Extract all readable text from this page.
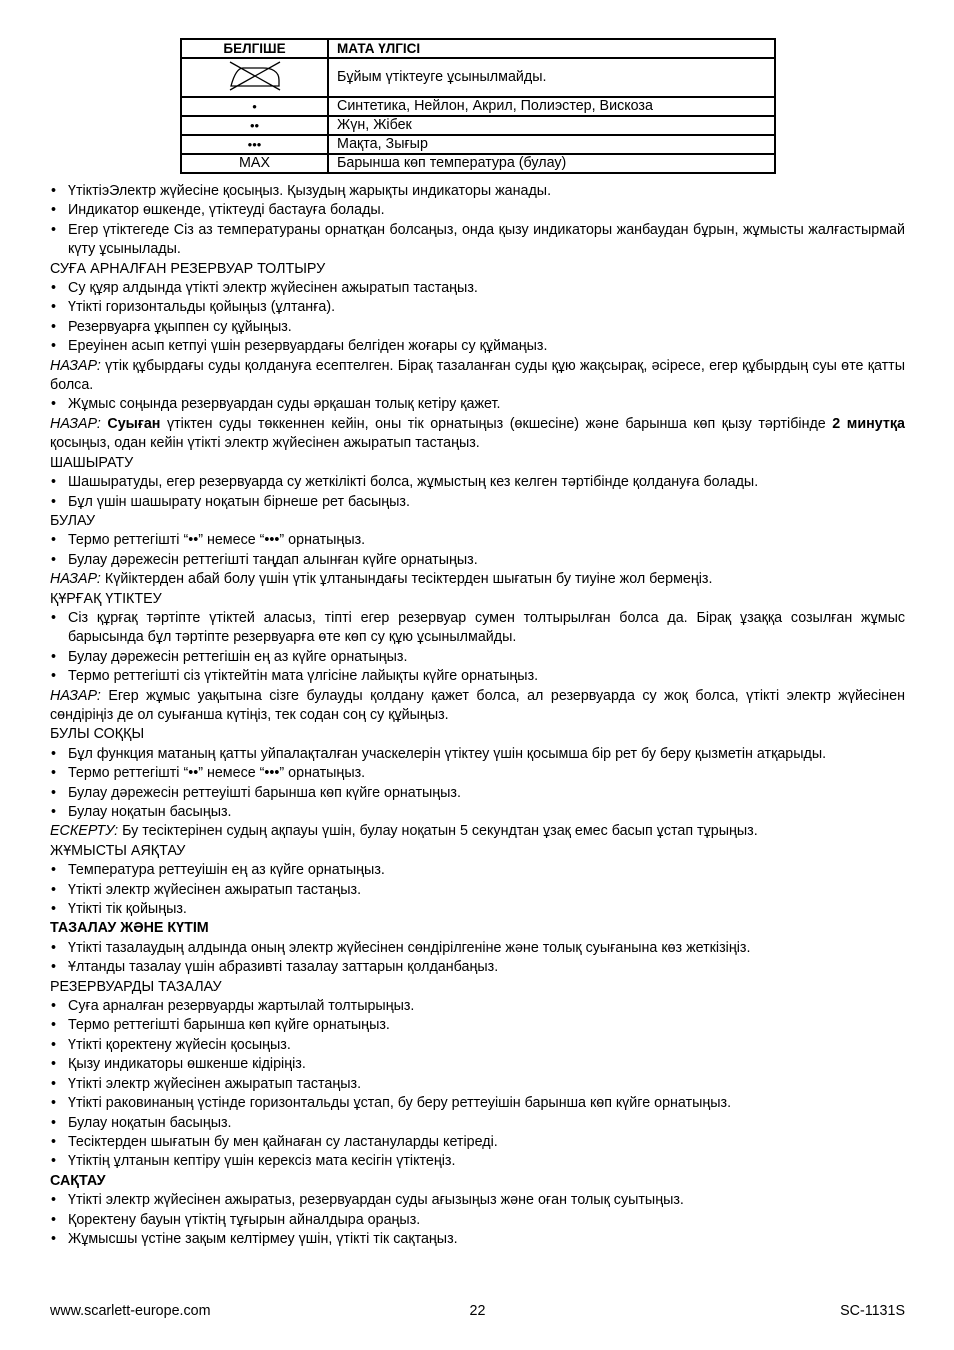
БЕЛГІШЕ	МАТА ҮЛГІСІ
	Бұйым үтіктеуге ұсынылмайды.
•	Синтетика, Нейлон, Акрил, Полиэстер, Вискоза
••	Жүн, Жібек
•••	Мақта, Зығыр
MAX	Барынша көп температура (булау)

• ҮтіктіэЭлектр жүйесіне қосыңыз. Қызудың жарықты индикаторы жанады.

• Индикатор өшкенде, үтіктеуді бастауға болады.

• Егер үтіктегеде Сіз аз температураны орнатқан болсаңыз, онда қызу индикаторы жанбаудан бұрын, жұмысты жалғастырмай күту ұсынылады.

СУҒА АРНАЛҒАН РЕЗЕРВУАР ТОЛТЫРУ

• Су құяр алдында үтікті электр жүйесінен ажыратып тастаңыз.

• Үтікті горизонтальды қойыңыз (ұлтанға).

• Резервуарға ұқыппен су құйыңыз.

• Ереуінен асып кетпуі үшін резервуардағы белгіден жоғары су құймаңыз.

НАЗАР: үтік құбырдағы суды қолдануға есептелген. Бірақ тазаланған суды құю жақсырақ, әсіресе, егер құбырдың суы өте қатты болса.

• Жұмыс соңында резервуардан суды әрқашан толық кетіру қажет.

НАЗАР: Суыған үтіктен суды төккеннен кейін, оны тік орнатыңыз (өкшесіне) және барынша көп қызу тәртібінде 2 минутқа қосыңыз, одан кейін үтікті электр жүйесінен ажыратып тастаңыз.

ШАШЫРАТУ

• Шашыратуды, егер резервуарда су жеткілікті болса, жұмыстың кез келген тәртібінде қолдануға болады.

• Бұл үшін шашырату ноқатын бірнеше рет басыңыз.

БУЛАУ

• Термо реттегішті “••” немесе “•••” орнатыңыз.

• Булау дәрежесін реттегішті таңдап алынған күйге орнатыңыз.

НАЗАР: Күйіктерден абай болу үшін үтік ұлтанындағы тесіктерден шығатын бу тиуіне жол бермеңіз.

ҚҰРҒАҚ ҮТІКТЕУ

• Сіз құрғақ тәртіпте үтіктей аласыз, тіпті егер резервуар сумен толтырылған болса да. Бірақ ұзаққа созылған жұмыс барысында бұл тәртіпте резервуарға өте көп су құю ұсынылмайды.

• Булау дәрежесін реттегішін ең аз күйге орнатыңыз.

• Термо реттегішті сіз үтіктейтін мата үлгісіне лайықты күйге орнатыңыз.

НАЗАР: Егер жұмыс уақытына сізге булауды қолдану қажет болса, ал резервуарда су жоқ болса, үтікті электр жүйесінен сөндіріңіз де ол суығанша күтіңіз, тек содан соң су құйыңыз.

БУЛЫ СОҚҚЫ

• Бұл функция матаның қатты уйпалақталған учаскелерін үтіктеу үшін қосымша бір рет бу беру қызметін атқарыды.

• Термо реттегішті “••” немесе “•••” орнатыңыз.

• Булау дәрежесін реттеуішті барынша көп күйге орнатыңыз.

• Булау ноқатын басыңыз.

ЕСКЕРТУ: Бу тесіктерінен судың ақпауы үшін, булау ноқатын 5 секундтан ұзақ емес басып ұстап тұрыңыз.

ЖҰМЫСТЫ АЯҚТАУ

• Температура реттеуішін ең аз күйге орнатыңыз.

• Үтікті электр жүйесінен ажыратып тастаңыз.

• Үтікті тік қойыңыз.

ТАЗАЛАУ ЖӘНЕ КҮТІМ

• Үтікті тазалаудың алдында оның электр жүйесінен сөндірілгеніне және толық суығанына көз жеткізіңіз.

• Ұлтанды тазалау үшін абразивті тазалау заттарын қолданбаңыз.

РЕЗЕРВУАРДЫ ТАЗАЛАУ

• Суға арналған резервуарды жартылай толтырыңыз.

• Термо реттегішті барынша көп күйге орнатыңыз.

• Үтікті қоректену жүйесін қосыңыз.

• Қызу индикаторы өшкенше кідіріңіз.

• Үтікті электр жүйесінен ажыратып тастаңыз.

• Үтікті раковинаның үстінде горизонтальды ұстап, бу беру реттеуішін барынша көп күйге орнатыңыз.

• Булау ноқатын басыңыз.

• Тесіктерден шығатын бу мен қайнаған су ластануларды кетіреді.

• Үтіктің ұлтанын кептіру үшін керексіз мата кесігін үтіктеңіз.

САҚТАУ

• Үтікті электр жүйесінен ажыратыз, резервуардан суды ағызыңыз және оған толық суытыңыз.

• Қоректену бауын үтіктің тұғырын айналдыра ораңыз.

• Жұмысшы үстіне зақым келтірмеу үшін, үтікті тік сақтаңыз.

www.scarlett-europe.com	22	SC-1131S
